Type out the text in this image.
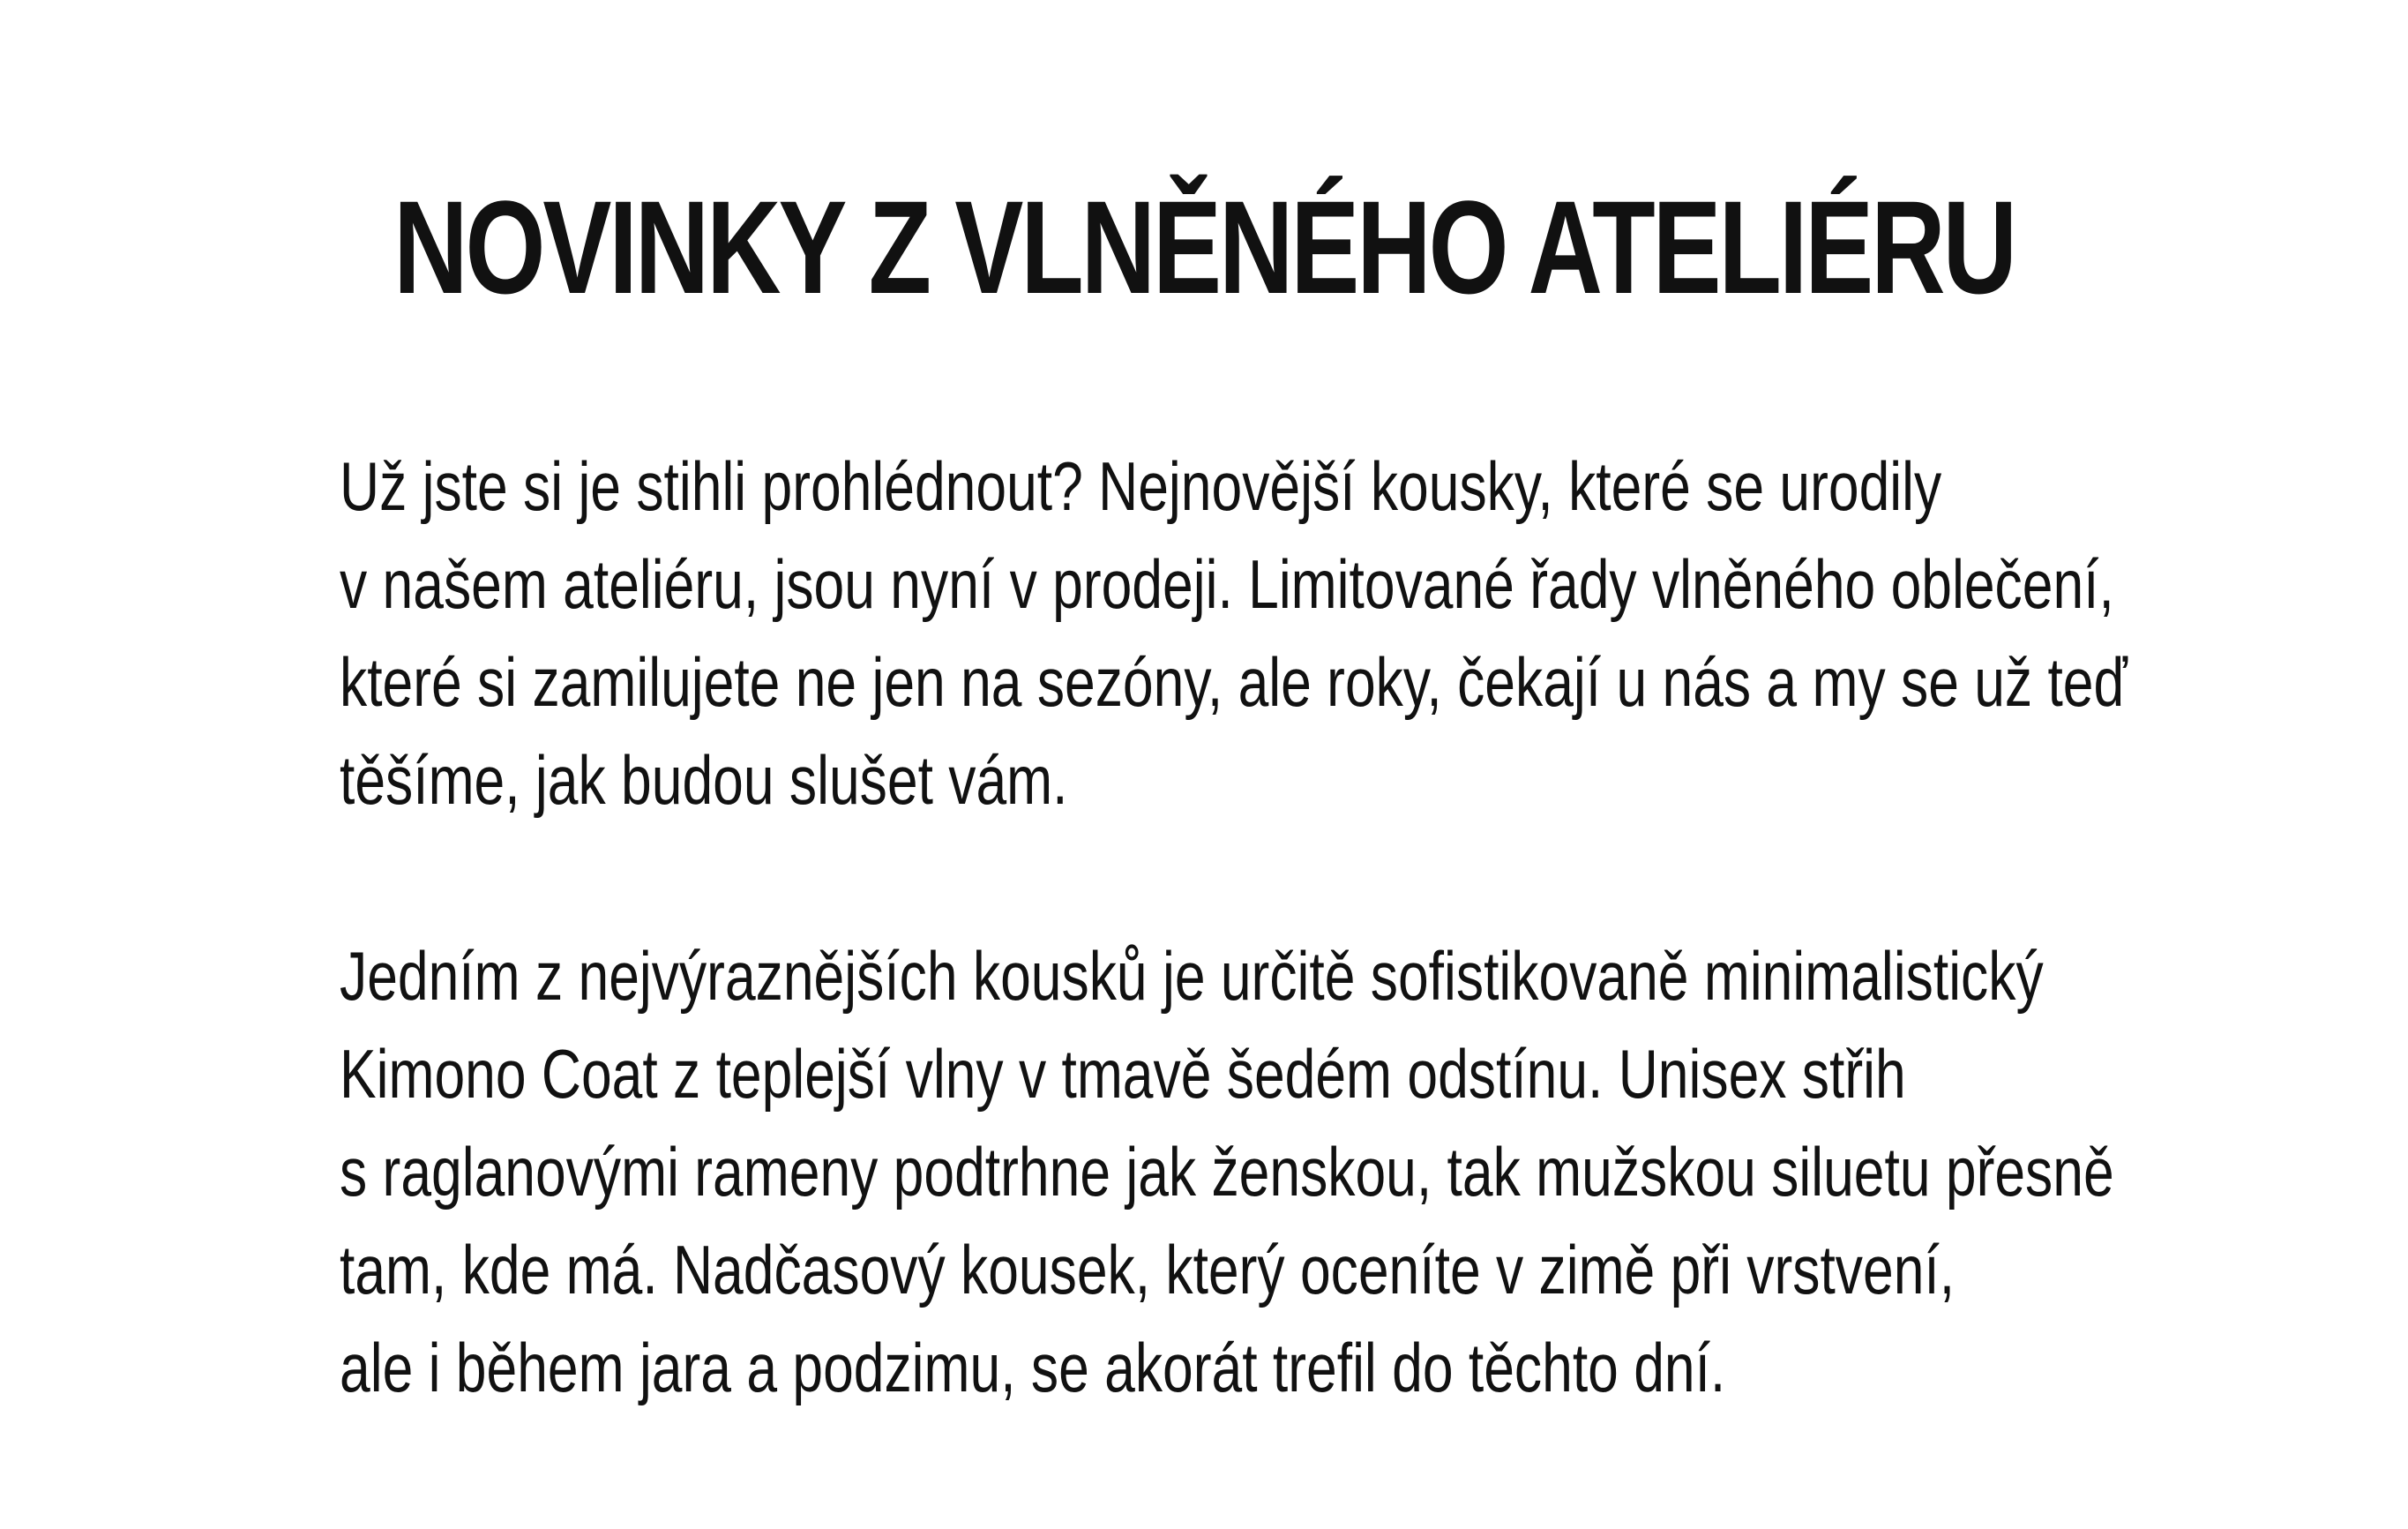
NOVINKY Z VLNĚNÉHO ATELIÉRU

Už jste si je stihli prohlédnout? Nejnovější kousky, které se urodily
v našem ateliéru, jsou nyní v prodeji. Limitované řady vlněného oblečení,
které si zamilujete ne jen na sezóny, ale roky, čekají u nás a my se už teď
těšíme, jak budou slušet vám.

Jedním z nejvýraznějších kousků je určitě sofistikovaně minimalistický
Kimono Coat z teplejší vlny v tmavě šedém odstínu. Unisex střih
s raglanovými rameny podtrhne jak ženskou, tak mužskou siluetu přesně
tam, kde má. Nadčasový kousek, který oceníte v zimě při vrstvení,
ale i během jara a podzimu, se akorát trefil do těchto dní.
